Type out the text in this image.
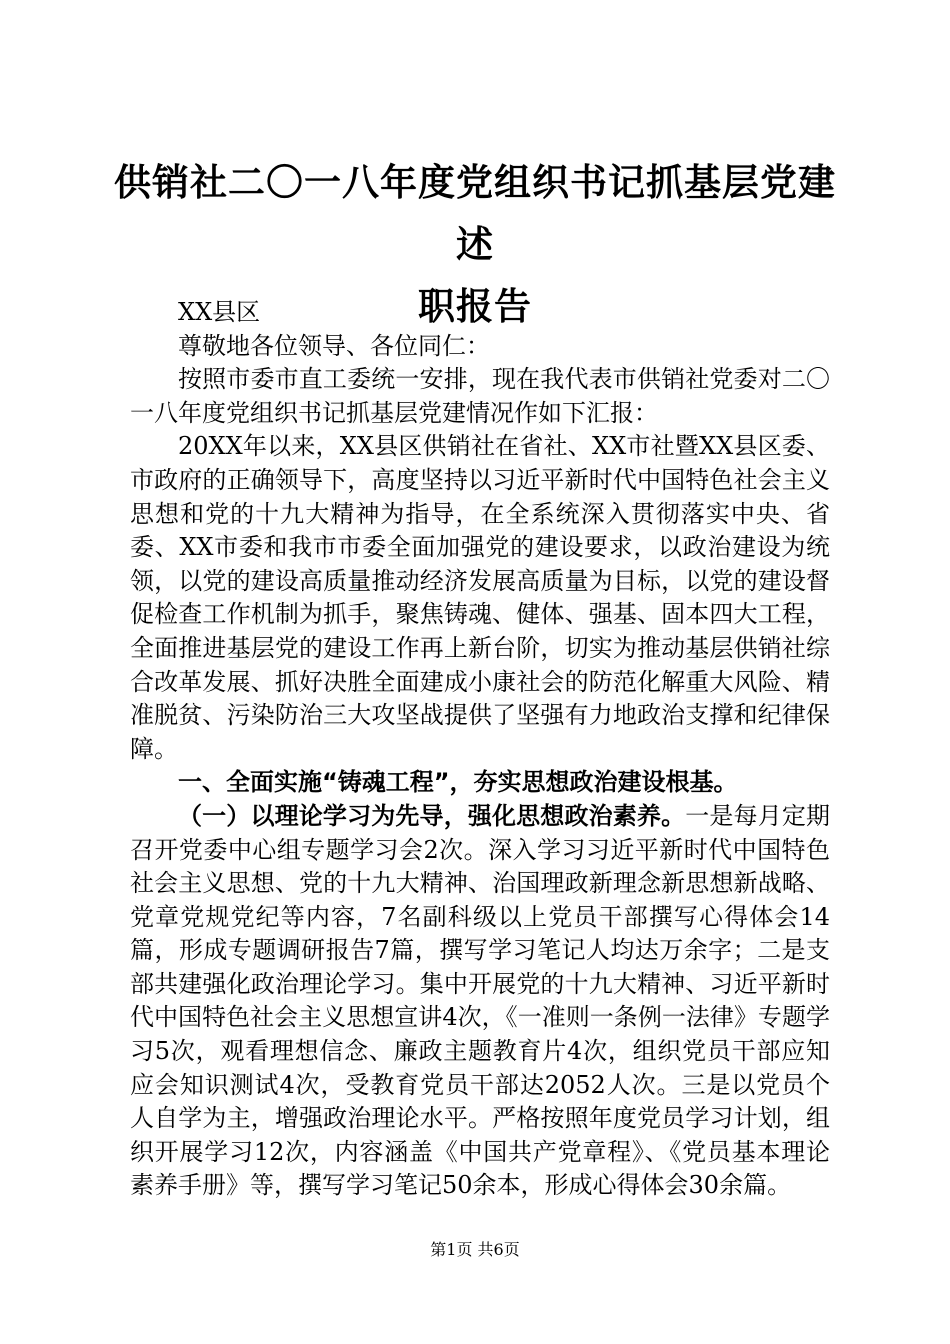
供销社二〇一八年度党组织书记抓基层党建述
职报告

XX县区

尊敬地各位领导、各位同仁：

按照市委市直工委统一安排，现在我代表市供销社党委对二〇一八年度党组织书记抓基层党建情况作如下汇报：

20XX年以来，XX县区供销社在省社、XX市社暨XX县区委、市政府的正确领导下，高度坚持以习近平新时代中国特色社会主义思想和党的十九大精神为指导，在全系统深入贯彻落实中央、省委、XX市委和我市市委全面加强党的建设要求，以政治建设为统领，以党的建设高质量推动经济发展高质量为目标，以党的建设督促检查工作机制为抓手，聚焦铸魂、健体、强基、固本四大工程，全面推进基层党的建设工作再上新台阶，切实为推动基层供销社综合改革发展、抓好决胜全面建成小康社会的防范化解重大风险、精准脱贫、污染防治三大攻坚战提供了坚强有力地政治支撑和纪律保障。

一、全面实施“铸魂工程”，夯实思想政治建设根基。

（一）以理论学习为先导，强化思想政治素养。一是每月定期召开党委中心组专题学习会2次。深入学习习近平新时代中国特色社会主义思想、党的十九大精神、治国理政新理念新思想新战略、党章党规党纪等内容，7名副科级以上党员干部撰写心得体会14篇，形成专题调研报告7篇，撰写学习笔记人均达万余字；二是支部共建强化政治理论学习。集中开展党的十九大精神、习近平新时代中国特色社会主义思想宣讲4次，《一准则一条例一法律》专题学习5次，观看理想信念、廉政主题教育片4次，组织党员干部应知应会知识测试4次，受教育党员干部达2052人次。三是以党员个人自学为主，增强政治理论水平。严格按照年度党员学习计划，组织开展学习12次，内容涵盖《中国共产党章程》、《党员基本理论素养手册》等，撰写学习笔记50余本，形成心得体会30余篇。

第1页 共6页
